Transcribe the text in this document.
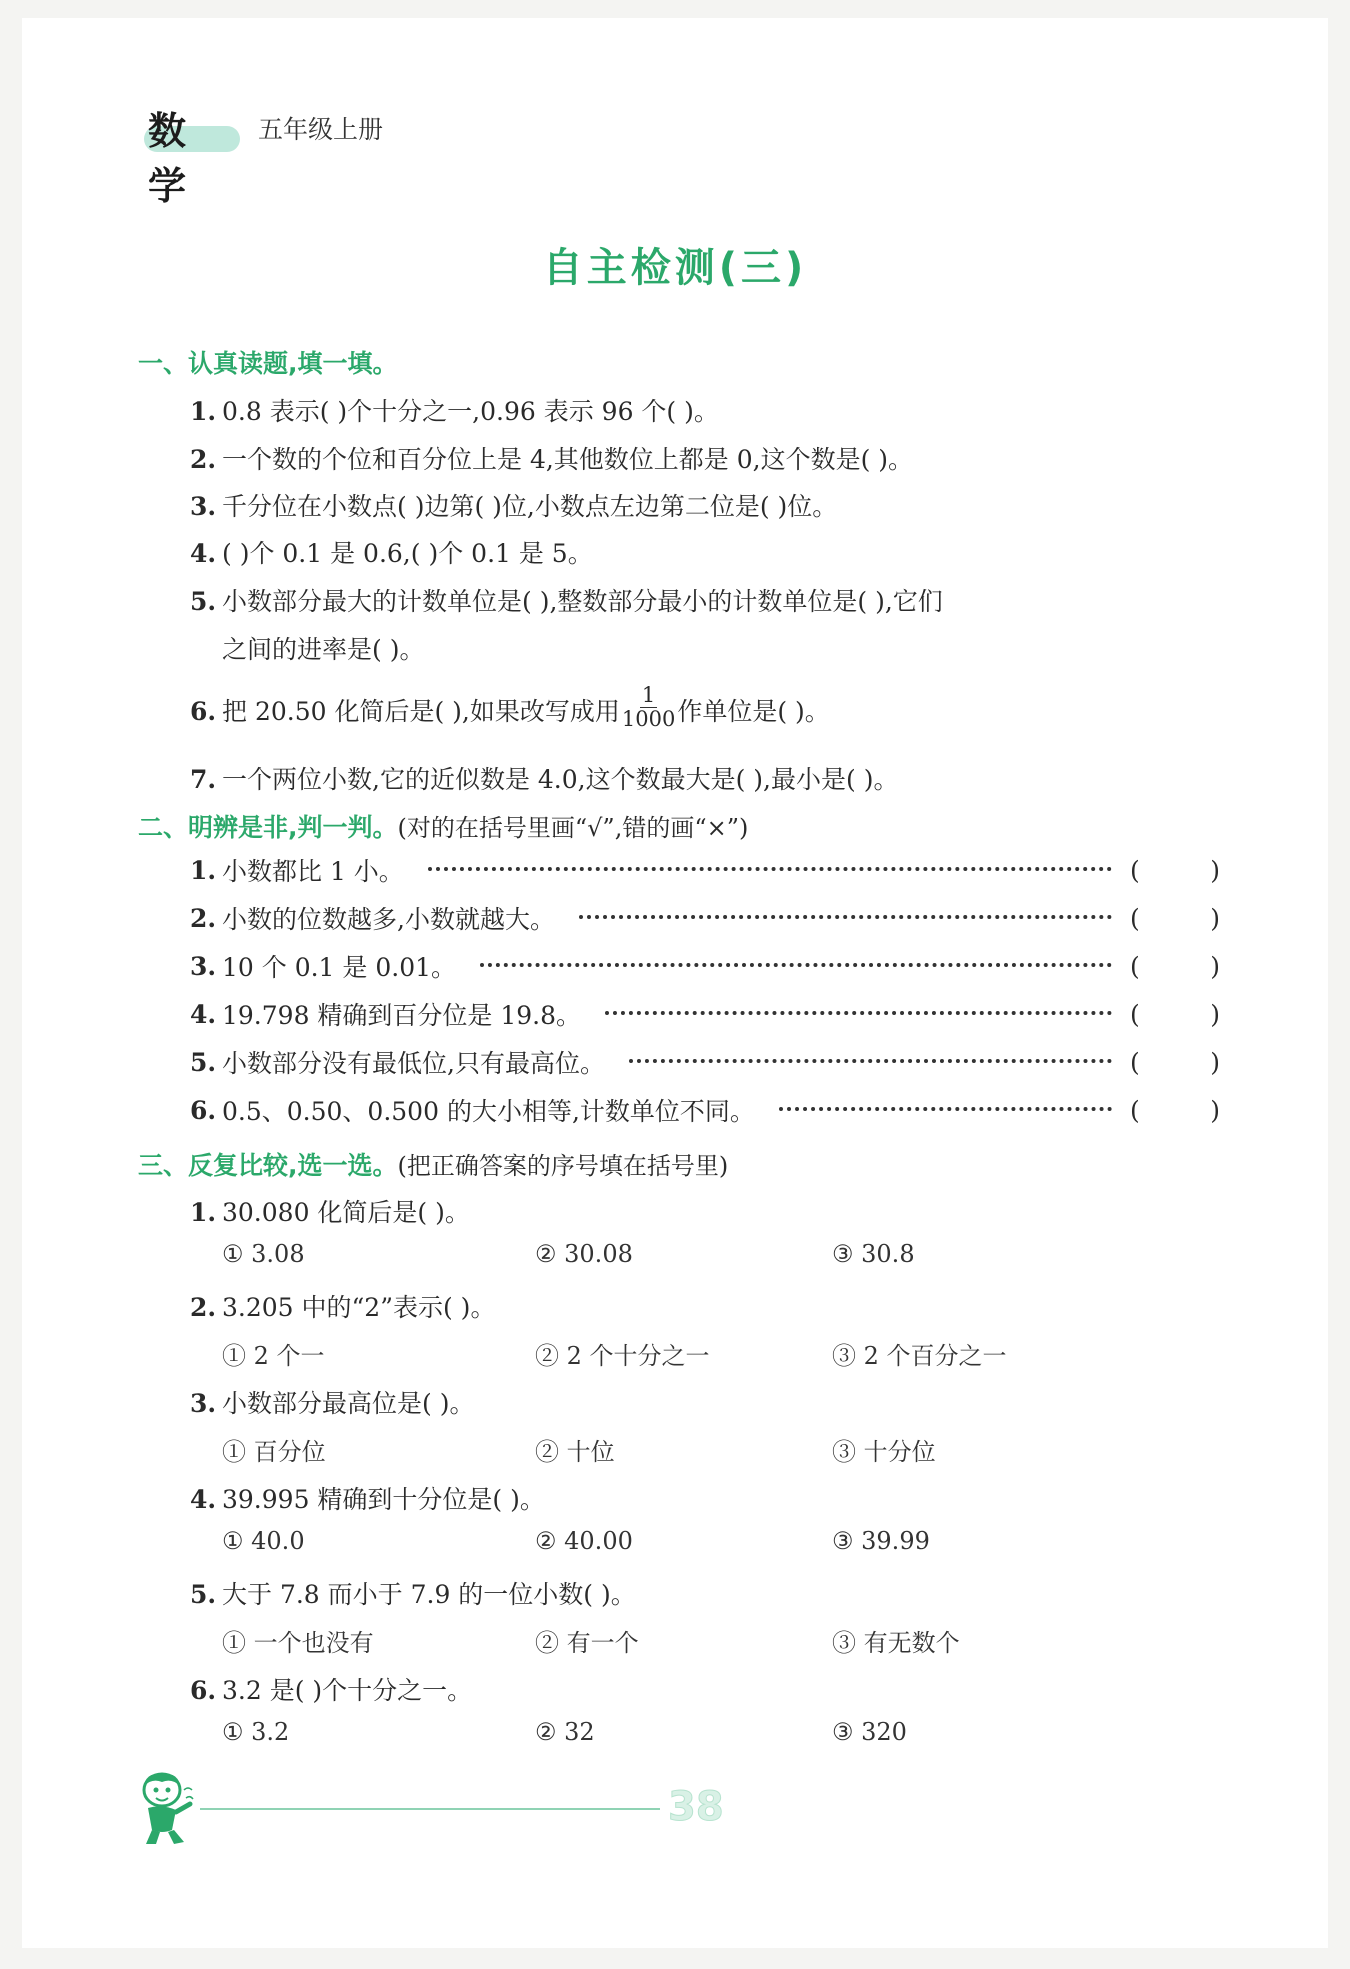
数学
五年级上册
自主检测(三)
一、认真读题,填一填。
1. 0.8 表示( )个十分之一,0.96 表示 96 个( )。
2. 一个数的个位和百分位上是 4,其他数位上都是 0,这个数是( )。
3. 千分位在小数点( )边第( )位,小数点左边第二位是( )位。
4. ( )个 0.1 是 0.6,( )个 0.1 是 5。
5. 小数部分最大的计数单位是( ),整数部分最小的计数单位是( ),它们
之间的进率是( )。
6. 把 20.50 化简后是( ),如果改写成用 $\frac{1}{1000}$ 作单位是( )。
7. 一个两位小数,它的近似数是 4.0,这个数最大是( ),最小是( )。
二、明辨是非,判一判。(对的在括号里画“√”,错的画“×”)
1. 小数都比 1 小。	(	)
2. 小数的位数越多,小数就越大。	(	)
3. 10 个 0.1 是 0.01。	(	)
4. 19.798 精确到百分位是 19.8。	(	)
5. 小数部分没有最低位,只有最高位。	(	)
6. 0.5、0.50、0.500 的大小相等,计数单位不同。	(	)
三、反复比较,选一选。(把正确答案的序号填在括号里)
1. 30.080 化简后是( )。
① 3.08	② 30.08	③ 30.8
2. 3.205 中的“2”表示( )。
① 2 个一	② 2 个十分之一	③ 2 个百分之一
3. 小数部分最高位是( )。
① 百分位	② 十位	③ 十分位
4. 39.995 精确到十分位是( )。
① 40.0	② 40.00	③ 39.99
5. 大于 7.8 而小于 7.9 的一位小数( )。
① 一个也没有	② 有一个	③ 有无数个
6. 3.2 是( )个十分之一。
① 3.2	② 32	③ 320
38
